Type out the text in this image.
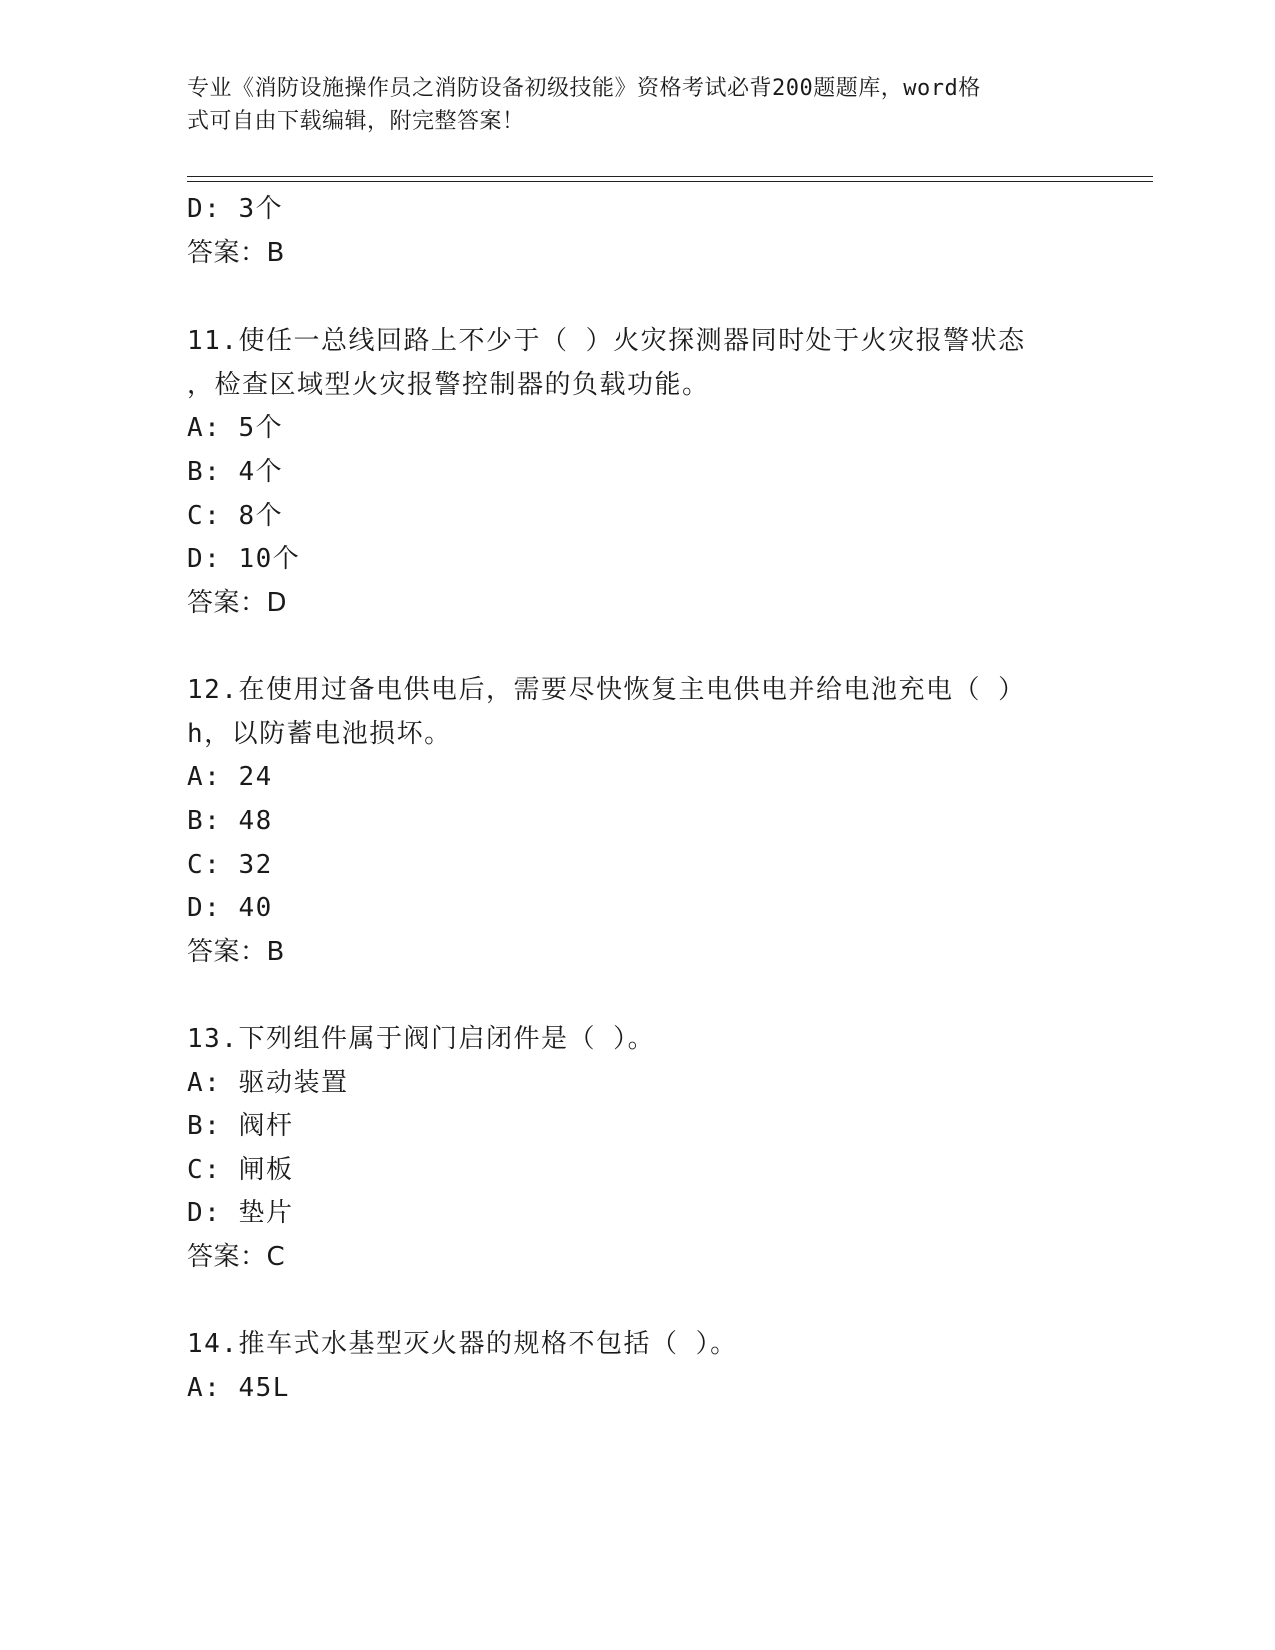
专业《消防设施操作员之消防设备初级技能》资格考试必背200题题库，word格
式可自由下载编辑，附完整答案！
D: 3个
答案：B
11.使任一总线回路上不少于（ ）火灾探测器同时处于火灾报警状态
，检查区域型火灾报警控制器的负载功能。
A: 5个
B: 4个
C: 8个
D: 10个
答案：D
12.在使用过备电供电后，需要尽快恢复主电供电并给电池充电（ ）
h，以防蓄电池损坏。
A: 24
B: 48
C: 32
D: 40
答案：B
13.下列组件属于阀门启闭件是（ ）。
A: 驱动装置
B: 阀杆
C: 闸板
D: 垫片
答案：C
14.推车式水基型灭火器的规格不包括（ ）。
A: 45L
